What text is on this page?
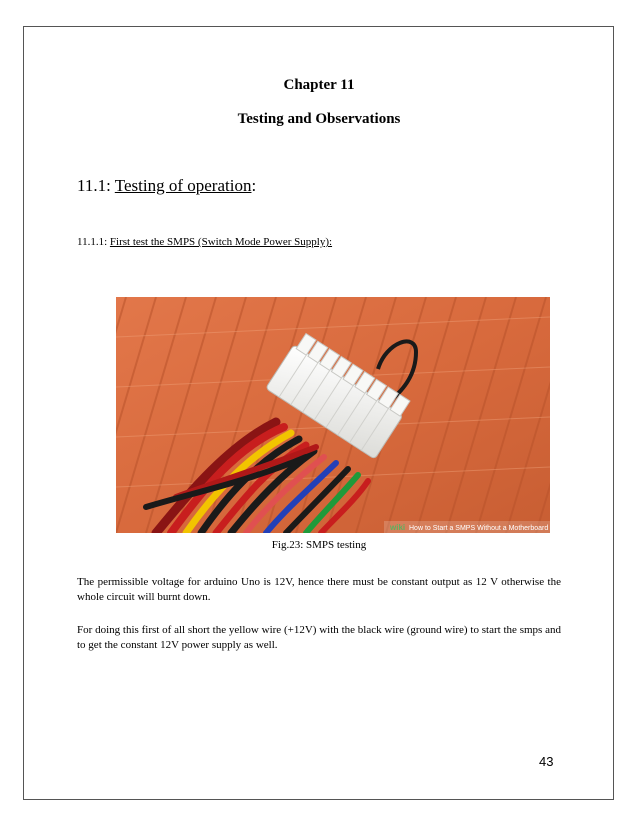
Chapter 11
Testing and Observations
11.1: Testing of operation:
11.1.1: First test the SMPS (Switch Mode Power Supply):
wiki How to Start a SMPS Without a Motherboard
Fig.23: SMPS testing
The permissible voltage for arduino Uno is 12V, hence there must be constant output as 12 V otherwise the whole circuit will burnt down.
For doing this first of all short the yellow wire (+12V) with the black wire (ground wire) to start the smps and to get the constant 12V power supply as well.
43
